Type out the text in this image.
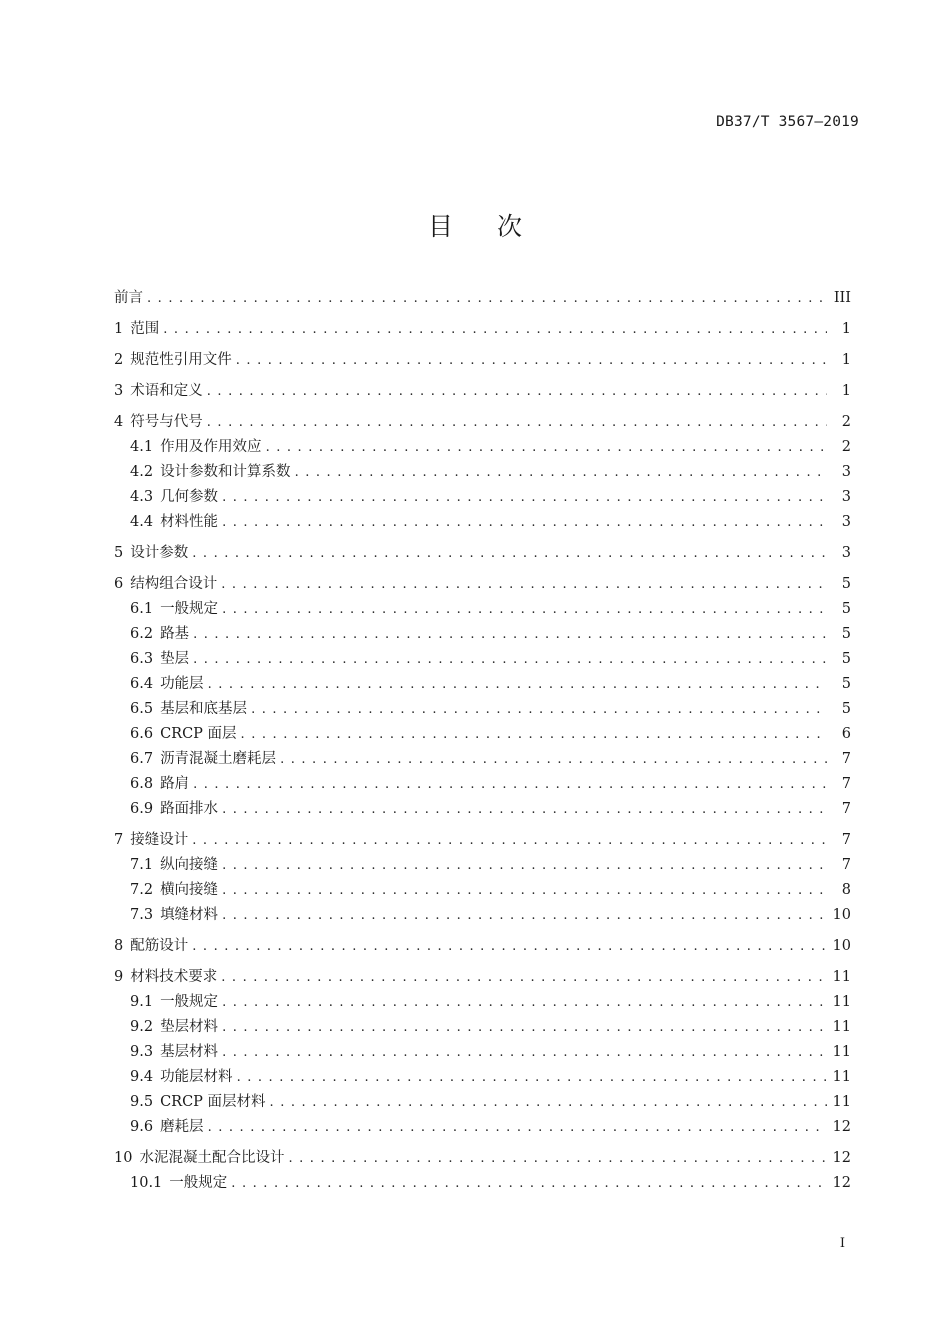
DB37/T 3567—2019
目次
前言 . . .	III
1 范围 . . .	1
2 规范性引用文件 . . .	1
3 术语和定义 . . .	1
4 符号与代号 . . .	2
4.1 作用及作用效应 . . .	2
4.2 设计参数和计算系数 . . .	3
4.3 几何参数 . . .	3
4.4 材料性能 . . .	3
5 设计参数 . . .	3
6 结构组合设计 . . .	5
6.1 一般规定 . . .	5
6.2 路基 . . .	5
6.3 垫层 . . .	5
6.4 功能层 . . .	5
6.5 基层和底基层 . . .	5
6.6 CRCP 面层 . . .	6
6.7 沥青混凝土磨耗层 . . .	7
6.8 路肩 . . .	7
6.9 路面排水 . . .	7
7 接缝设计 . . .	7
7.1 纵向接缝 . . .	7
7.2 横向接缝 . . .	8
7.3 填缝材料 . . .	10
8 配筋设计 . . .	10
9 材料技术要求 . . .	11
9.1 一般规定 . . .	11
9.2 垫层材料 . . .	11
9.3 基层材料 . . .	11
9.4 功能层材料 . . .	11
9.5 CRCP 面层材料 . . .	11
9.6 磨耗层 . . .	12
10 水泥混凝土配合比设计 . . .	12
10.1 一般规定 . . .	12
I
